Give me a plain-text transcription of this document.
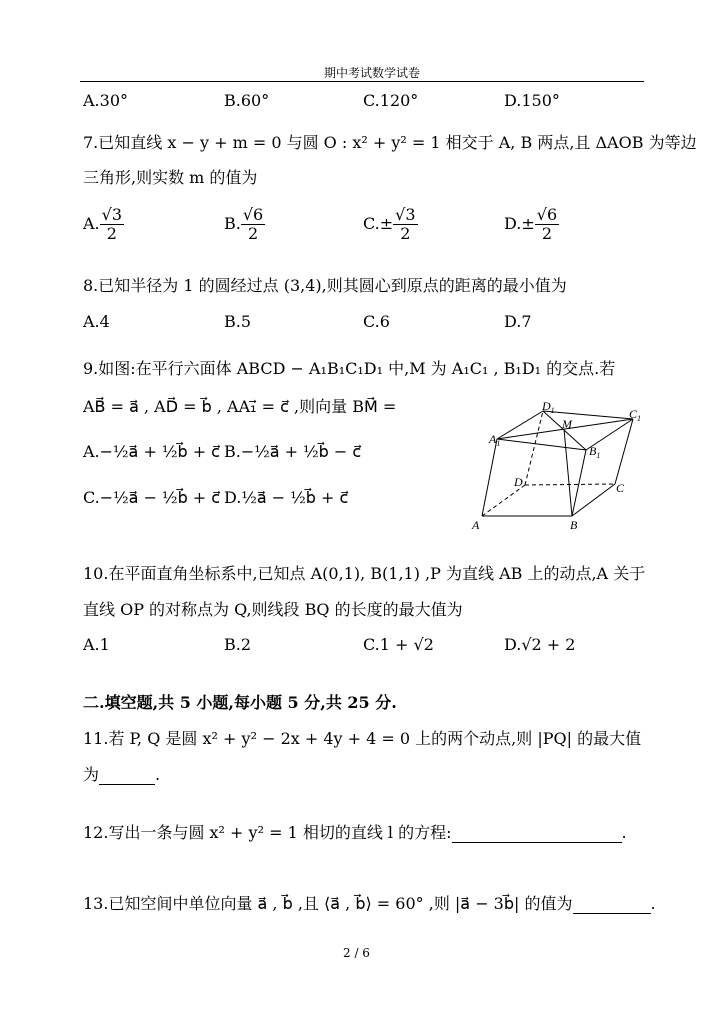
期中考试数学试卷
A.30°	B.60°	C.120°	D.150°
7.已知直线 x − y + m = 0 与圆 O : x² + y² = 1 相交于 A, B 两点,且 ΔAOB 为等边
三角形,则实数 m 的值为
A. $\frac{√3}{2}$	B. $\frac{√6}{2}$	$C.\pm \frac{√3}{2}$	$D.\pm \frac{√6}{2}$
8.已知半径为 1 的圆经过点 (3,4),则其圆心到原点的距离的最小值为
A.4	B.5	C.6	D.7
9.如图:在平行六面体 ABCD − A₁B₁C₁D₁ 中,M 为 A₁C₁ , B₁D₁ 的交点.若
AB⃗ = a⃗ , AD⃗ = b⃗ , AA₁⃗ = c⃗ ,则向量 BM⃗ =
A.−½a⃗ + ½b⃗ + c⃗ B.−½a⃗ + ½b⃗ − c⃗
C.−½a⃗ − ½b⃗ + c⃗ D.½a⃗ − ½b⃗ + c⃗
A	B
C
D
M
$A_1$
$B_1$
$C_1$
$D_1$
10.在平面直角坐标系中,已知点 A(0,1), B(1,1) ,P 为直线 AB 上的动点,A 关于
直线 OP 的对称点为 Q,则线段 BQ 的长度的最大值为
A.1	B.2	C.1 + √2	D.√2 + 2
二.填空题,共 5 小题,每小题 5 分,共 25 分.
11.若 P, Q 是圆 x² + y² − 2x + 4y + 4 = 0 上的两个动点,则 |PQ| 的最大值
为	.
12.写出一条与圆 x² + y² = 1 相切的直线 l 的方程:	.
13.已知空间中单位向量 a⃗ , b⃗ ,且 ⟨a⃗ , b⃗⟩ = 60° ,则 |a⃗ − 3b⃗| 的值为	.
2 / 6
